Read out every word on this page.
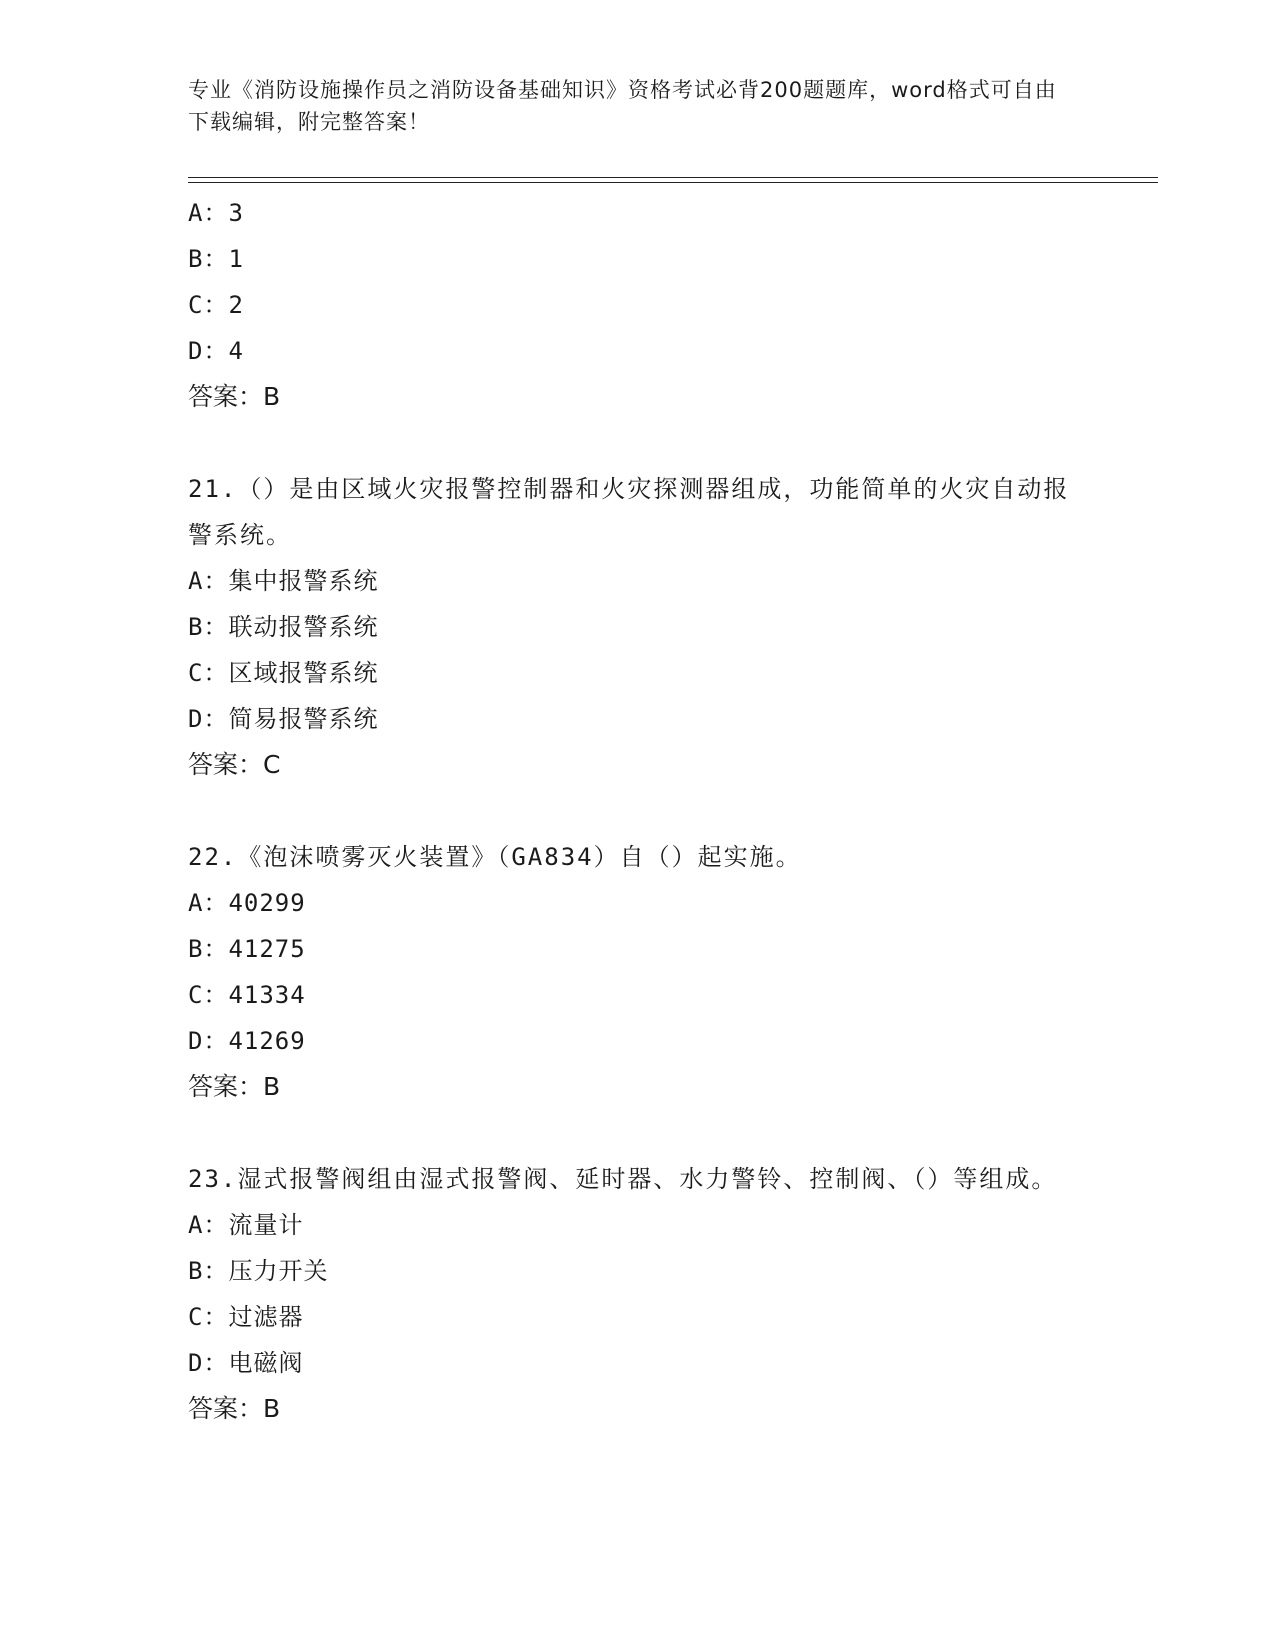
专业《消防设施操作员之消防设备基础知识》资格考试必背200题题库，word格式可自由下载编辑，附完整答案！
A：3
B：1
C：2
D：4
答案：B
21.（）是由区域火灾报警控制器和火灾探测器组成，功能简单的火灾自动报警系统。
A：集中报警系统
B：联动报警系统
C：区域报警系统
D：简易报警系统
答案：C
22.《泡沫喷雾灭火装置》（GA834）自（）起实施。
A：40299
B：41275
C：41334
D：41269
答案：B
23.湿式报警阀组由湿式报警阀、延时器、水力警铃、控制阀、（）等组成。
A：流量计
B：压力开关
C：过滤器
D：电磁阀
答案：B
